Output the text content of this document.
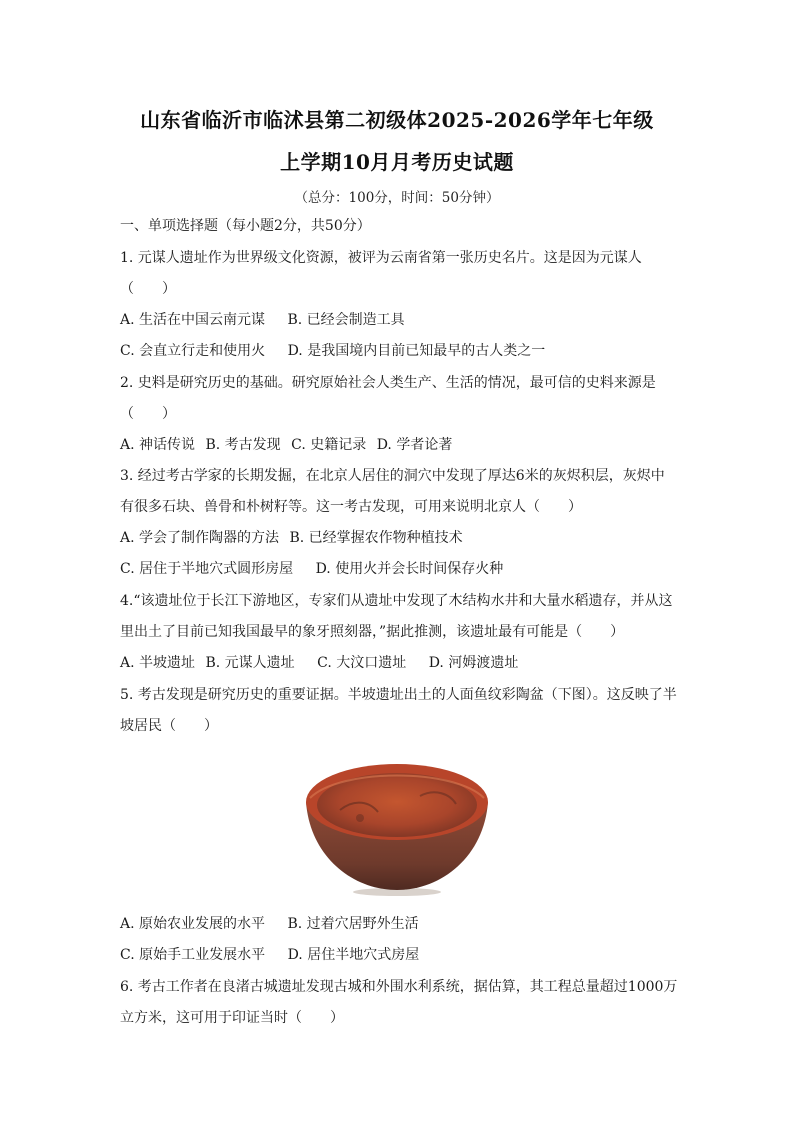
山东省临沂市临沭县第二初级体2025-2026学年七年级
上学期10月月考历史试题
（总分：100分，时间：50分钟）
一、单项选择题（每小题2分，共50分）
1. 元谋人遗址作为世界级文化资源，被评为云南省第一张历史名片。这是因为元谋人
（　　）
A. 生活在中国云南元谋 B. 已经会制造工具
C. 会直立行走和使用火 D. 是我国境内目前已知最早的古人类之一
2. 史料是研究历史的基础。研究原始社会人类生产、生活的情况，最可信的史料来源是
（　　）
A. 神话传说 B. 考古发现 C. 史籍记录 D. 学者论著
3. 经过考古学家的长期发掘，在北京人居住的洞穴中发现了厚达6米的灰烬积层，灰烬中
有很多石块、兽骨和朴树籽等。这一考古发现，可用来说明北京人（　　）
A. 学会了制作陶器的方法 B. 已经掌握农作物种植技术
C. 居住于半地穴式圆形房屋 D. 使用火并会长时间保存火种
4.“该遗址位于长江下游地区，专家们从遗址中发现了木结构水井和大量水稻遗存，并从这
里出土了目前已知我国最早的象牙照刻器，”据此推测，该遗址最有可能是（　　）
A. 半坡遗址 B. 元谋人遗址 C. 大汶口遗址 D. 河姆渡遗址
5. 考古发现是研究历史的重要证据。半坡遗址出土的人面鱼纹彩陶盆（下图）。这反映了半
坡居民（　　）
A. 原始农业发展的水平 B. 过着穴居野外生活
C. 原始手工业发展水平 D. 居住半地穴式房屋
6. 考古工作者在良渚古城遗址发现古城和外围水利系统，据估算，其工程总量超过1000万
立方米，这可用于印证当时（　　）
